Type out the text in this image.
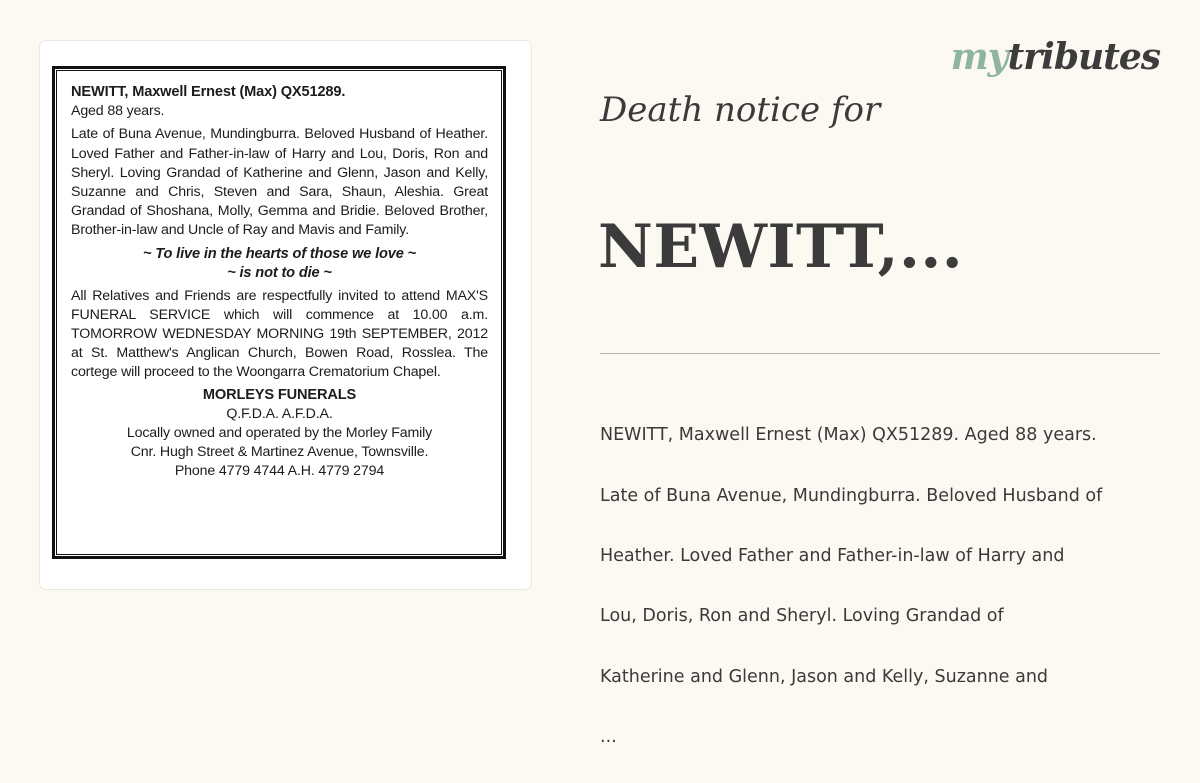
NEWITT, Maxwell Ernest (Max) QX51289.

Aged 88 years.

Late of Buna Avenue, Mundingburra. Beloved Husband of Heather. Loved Father and Father-in-law of Harry and Lou, Doris, Ron and Sheryl. Loving Grandad of Katherine and Glenn, Jason and Kelly, Suzanne and Chris, Steven and Sara, Shaun, Aleshia. Great Grandad of Shoshana, Molly, Gemma and Bridie. Beloved Brother, Brother-in-law and Uncle of Ray and Mavis and Family.

~ To live in the hearts of those we love ~

~ is not to die ~

All Relatives and Friends are respectfully invited to attend MAX'S FUNERAL SERVICE which will commence at 10.00 a.m. TOMORROW WEDNESDAY MORNING 19th SEPTEMBER, 2012 at St. Matthew's Anglican Church, Bowen Road, Rosslea. The cortege will proceed to the Woongarra Crematorium Chapel.

MORLEYS FUNERALS

Q.F.D.A. A.F.D.A.

Locally owned and operated by the Morley Family

Cnr. Hugh Street & Martinez Avenue, Townsville.

Phone 4779 4744 A.H. 4779 2794

mytributes
Death notice for
NEWITT,...

NEWITT, Maxwell Ernest (Max) QX51289. Aged 88 years.

Late of Buna Avenue, Mundingburra. Beloved Husband of

Heather. Loved Father and Father-in-law of Harry and

Lou, Doris, Ron and Sheryl. Loving Grandad of

Katherine and Glenn, Jason and Kelly, Suzanne and

...
